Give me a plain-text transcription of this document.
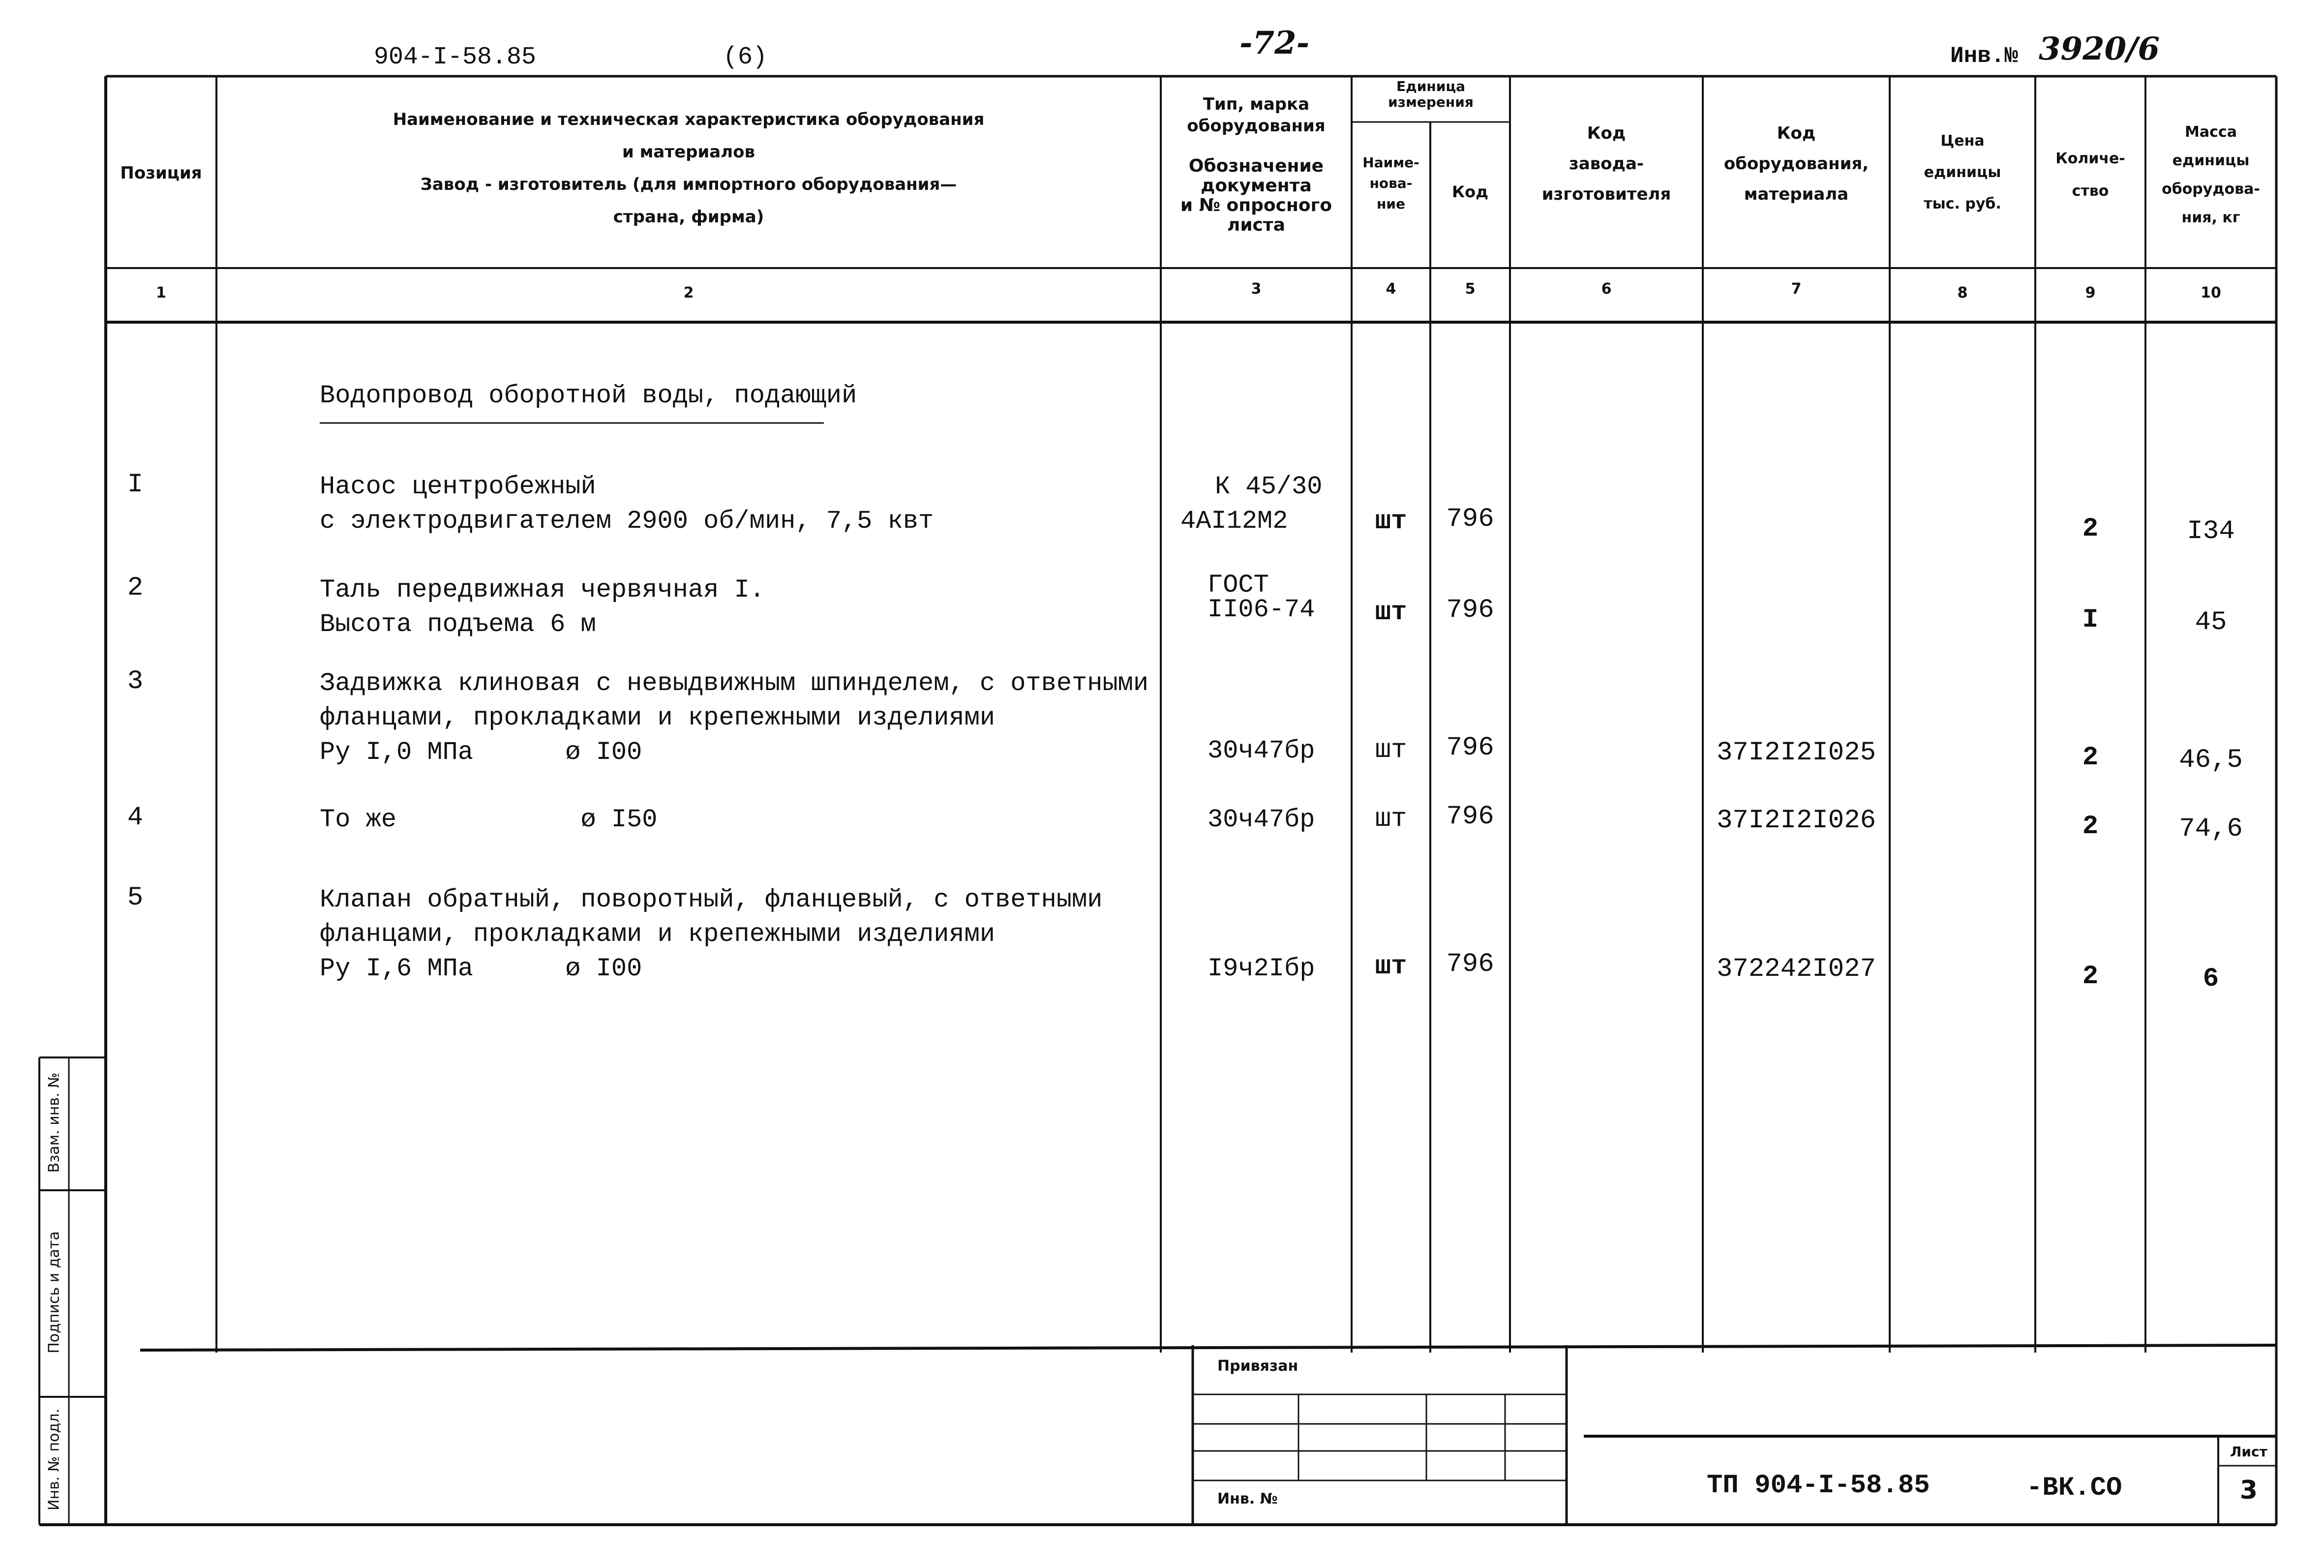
904-I-58.85	(6)	-72-	Инв.№ 3920/6
Позиция
Наименование и техническая характеристика оборудования
и материалов
Завод - изготовитель (для импортного оборудования—
страна, фирма)
Тип, марка
оборудования
Обозначение
документа
и № опросного
листа
Единица
измерения
Наиме-
нова-
ние
Код
Код
завода-
изготовителя
Код
оборудования,
материала
Цена
единицы
тыс. руб.
Количе-
ство
Масса
единицы
оборудова-
ния, кг
1	2	3	4	5	6	7	8	9	10
Водопровод оборотной воды, подающий
I	Насос центробежный
с электродвигателем 2900 об/мин, 7,5 квт
К 45/30
4АI12М2	шт	796	2	I34
2	Таль передвижная червячная I.
Высота подъема 6 м
ГОСТ
II06-74	шт	796	I	45
3	Задвижка клиновая с невыдвижным шпинделем, с ответными
фланцами, прокладками и крепежными изделиями
Ру I,0 МПа      ø I00	30ч47бр	шт	796	37I2I2I025	2	46,5
4	То же            ø I50	30ч47бр	шт	796	37I2I2I026	2	74,6
5	Клапан обратный, поворотный, фланцевый, с ответными
фланцами, прокладками и крепежными изделиями
Ру I,6 МПа      ø I00	I9ч2Iбр	шт	796	372242I027	2	6
Взам. инв. №
Подпись и дата
Инв. № подл.
Привязан
Инв. №	ТП 904-I-58.85	-ВК.СО
Лист
3
